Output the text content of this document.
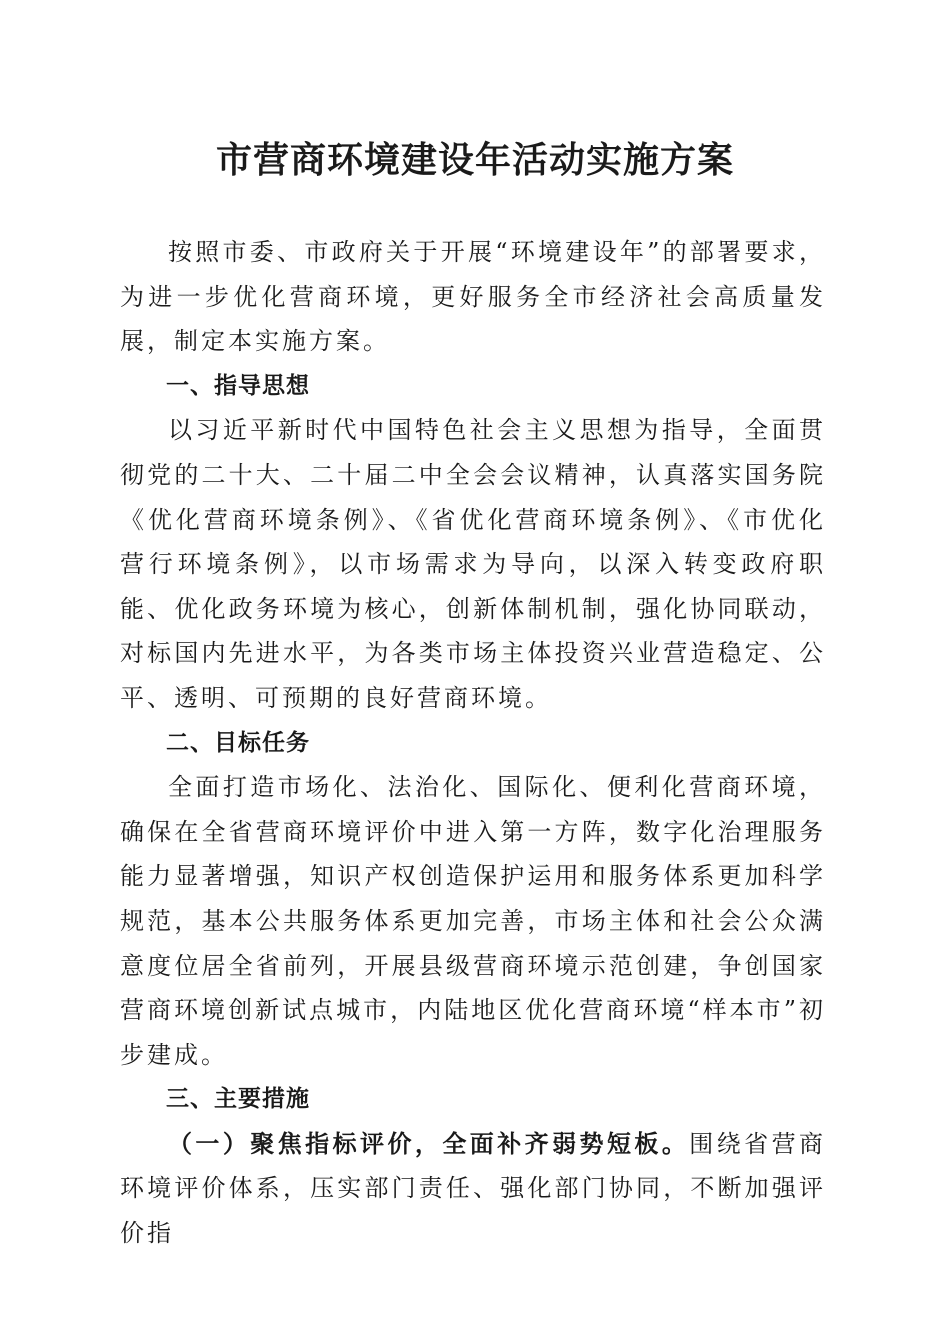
市营商环境建设年活动实施方案

按照市委、市政府关于开展“环境建设年”的部署要求，为进一步优化营商环境，更好服务全市经济社会高质量发展，制定本实施方案。

一、指导思想

以习近平新时代中国特色社会主义思想为指导，全面贯彻党的二十大、二十届二中全会会议精神，认真落实国务院《优化营商环境条例》、《省优化营商环境条例》、《市优化营行环境条例》，以市场需求为导向，以深入转变政府职能、优化政务环境为核心，创新体制机制，强化协同联动，对标国内先进水平，为各类市场主体投资兴业营造稳定、公平、透明、可预期的良好营商环境。

二、目标任务

全面打造市场化、法治化、国际化、便利化营商环境，确保在全省营商环境评价中进入第一方阵，数字化治理服务能力显著增强，知识产权创造保护运用和服务体系更加科学规范，基本公共服务体系更加完善，市场主体和社会公众满意度位居全省前列，开展县级营商环境示范创建，争创国家营商环境创新试点城市，内陆地区优化营商环境“样本市”初步建成。

三、主要措施

（一）聚焦指标评价，全面补齐弱势短板。围绕省营商环境评价体系，压实部门责任、强化部门协同，不断加强评价指
